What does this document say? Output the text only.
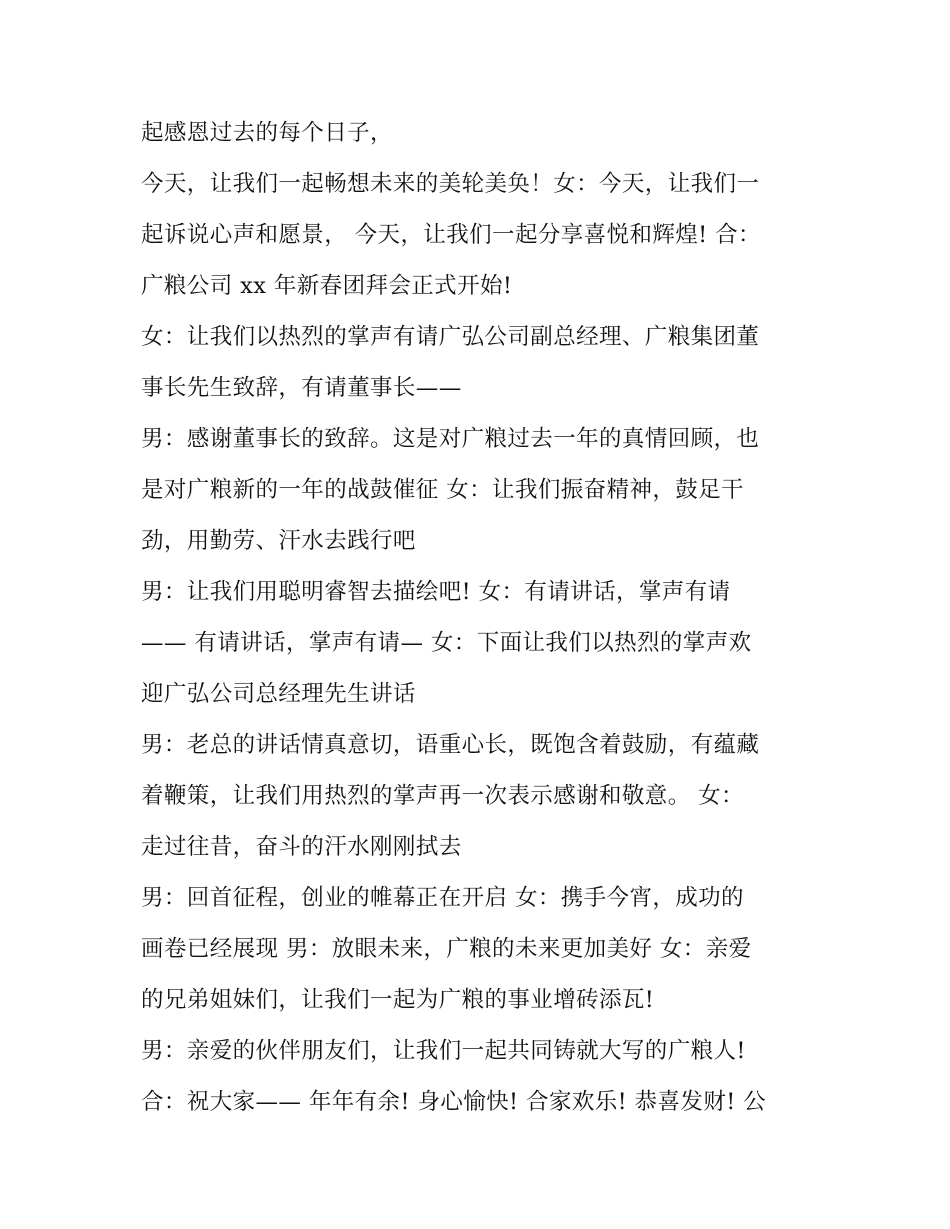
起感恩过去的每个日子，
今天，让我们一起畅想未来的美轮美奂！女：今天，让我们一
起诉说心声和愿景， 今天，让我们一起分享喜悦和辉煌! 合：
广粮公司 xx 年新春团拜会正式开始!
女：让我们以热烈的掌声有请广弘公司副总经理、广粮集团董
事长先生致辞，有请董事长——
男：感谢董事长的致辞。这是对广粮过去一年的真情回顾，也
是对广粮新的一年的战鼓催征 女：让我们振奋精神，鼓足干
劲，用勤劳、汗水去践行吧
男：让我们用聪明睿智去描绘吧! 女：有请讲话，掌声有请
—— 有请讲话，掌声有请— 女：下面让我们以热烈的掌声欢
迎广弘公司总经理先生讲话
男：老总的讲话情真意切，语重心长，既饱含着鼓励，有蕴藏
着鞭策，让我们用热烈的掌声再一次表示感谢和敬意。 女：
走过往昔，奋斗的汗水刚刚拭去
男：回首征程，创业的帷幕正在开启 女：携手今宵，成功的
画卷已经展现 男：放眼未来，广粮的未来更加美好 女：亲爱
的兄弟姐妹们，让我们一起为广粮的事业增砖添瓦!
男：亲爱的伙伴朋友们，让我们一起共同铸就大写的广粮人!
合：祝大家—— 年年有余! 身心愉快! 合家欢乐! 恭喜发财! 公
